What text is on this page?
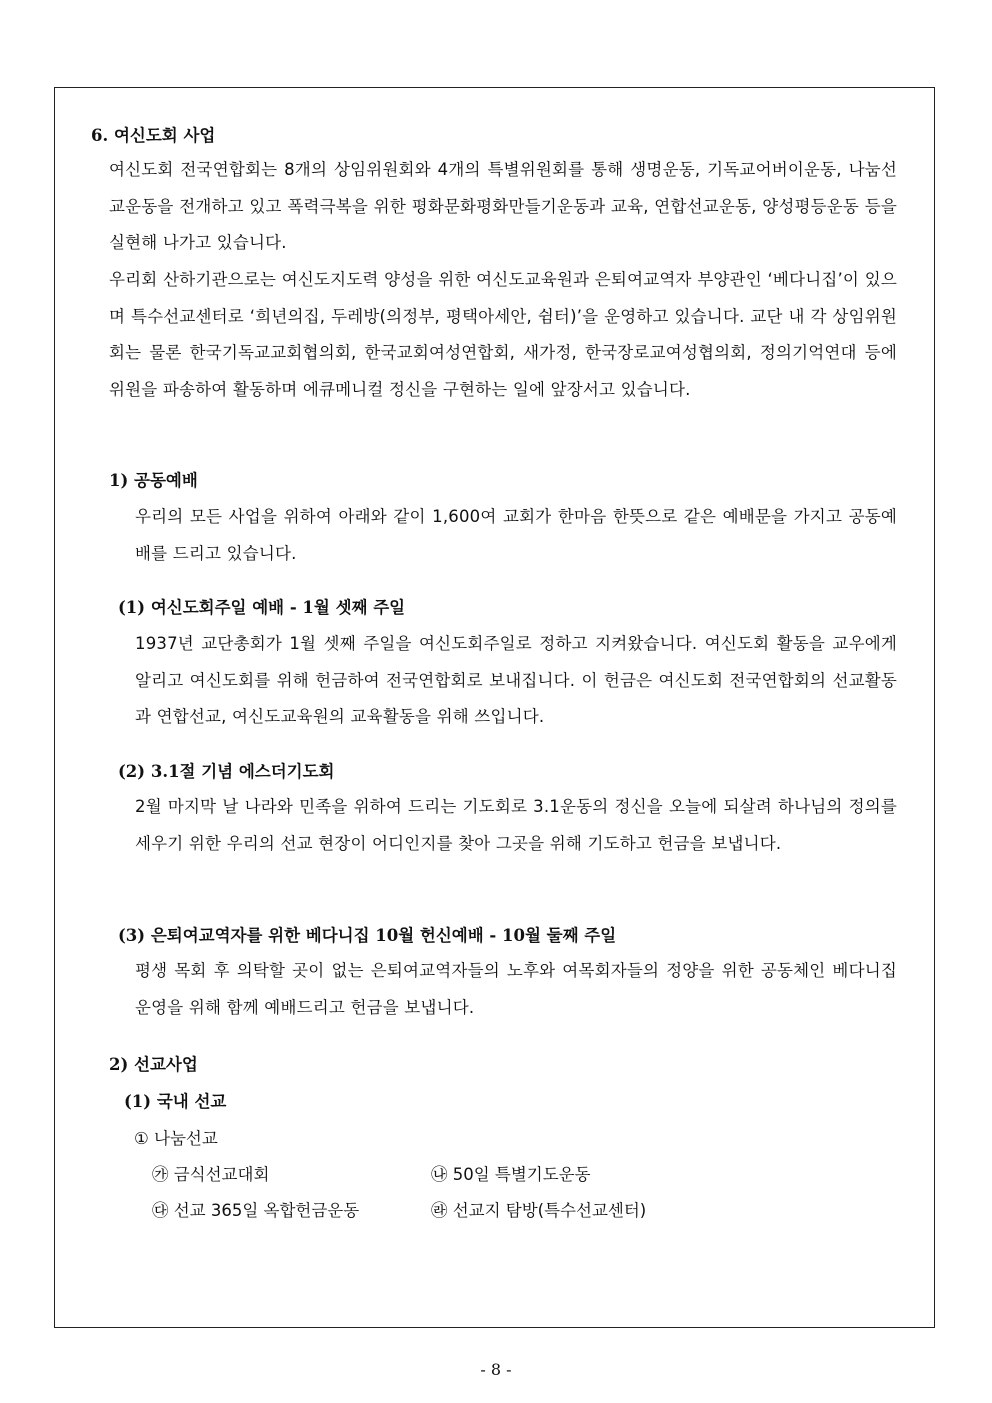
6. 여신도회 사업

여신도회 전국연합회는 8개의 상임위원회와 4개의 특별위원회를 통해 생명운동, 기독교어버이운동, 나눔선교운동을 전개하고 있고 폭력극복을 위한 평화문화평화만들기운동과 교육, 연합선교운동, 양성평등운동 등을 실현해 나가고 있습니다.

우리회 산하기관으로는 여신도지도력 양성을 위한 여신도교육원과 은퇴여교역자 부양관인 ‘베다니집’이 있으며 특수선교센터로 ‘희년의집, 두레방(의정부, 평택아세안, 쉼터)’을 운영하고 있습니다. 교단 내 각 상임위원회는 물론 한국기독교교회협의회, 한국교회여성연합회, 새가정, 한국장로교여성협의회, 정의기억연대 등에 위원을 파송하여 활동하며 에큐메니컬 정신을 구현하는 일에 앞장서고 있습니다.

1) 공동예배

우리의 모든 사업을 위하여 아래와 같이 1,600여 교회가 한마음 한뜻으로 같은 예배문을 가지고 공동예배를 드리고 있습니다.

(1) 여신도회주일 예배 - 1월 셋째 주일

1937년 교단총회가 1월 셋째 주일을 여신도회주일로 정하고 지켜왔습니다. 여신도회 활동을 교우에게 알리고 여신도회를 위해 헌금하여 전국연합회로 보내집니다. 이 헌금은 여신도회 전국연합회의 선교활동과 연합선교, 여신도교육원의 교육활동을 위해 쓰입니다.

(2) 3.1절 기념 에스더기도회

2월 마지막 날 나라와 민족을 위하여 드리는 기도회로 3.1운동의 정신을 오늘에 되살려 하나님의 정의를 세우기 위한 우리의 선교 현장이 어디인지를 찾아 그곳을 위해 기도하고 헌금을 보냅니다.

(3) 은퇴여교역자를 위한 베다니집 10월 헌신예배 - 10월 둘째 주일

평생 목회 후 의탁할 곳이 없는 은퇴여교역자들의 노후와 여목회자들의 정양을 위한 공동체인 베다니집 운영을 위해 함께 예배드리고 헌금을 보냅니다.

2) 선교사업

(1) 국내 선교

① 나눔선교

㉮ 금식선교대회	㉯ 50일 특별기도운동

㉰ 선교 365일 옥합헌금운동	㉱ 선교지 탐방(특수선교센터)

- 8 -
